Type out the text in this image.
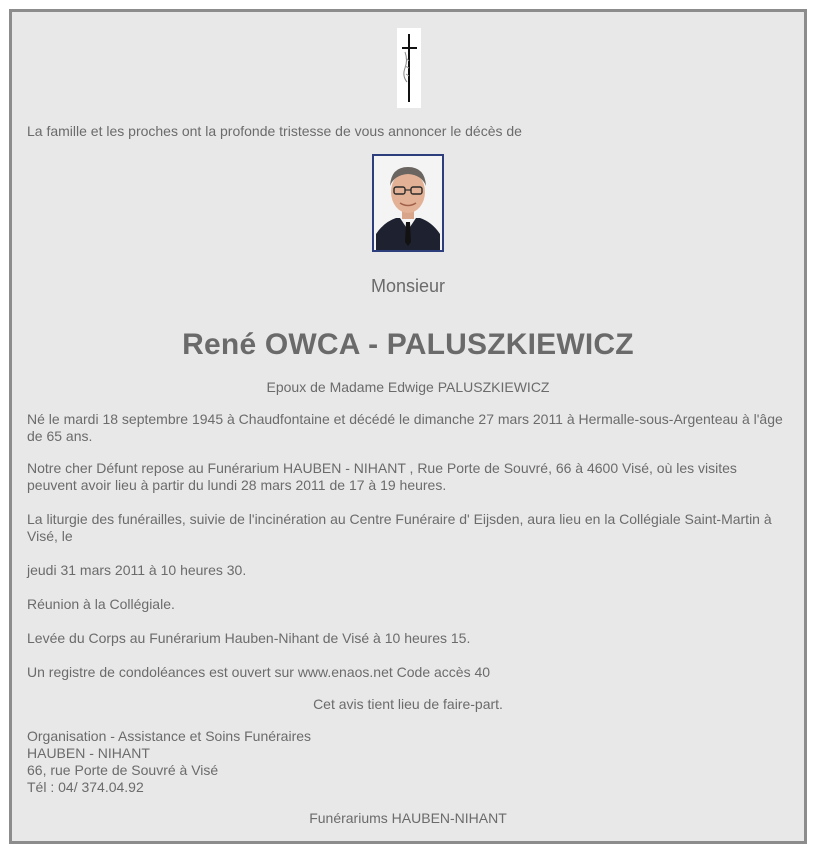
La famille et les proches ont la profonde tristesse de vous annoncer le décès de
Monsieur
René OWCA - PALUSZKIEWICZ
Epoux de Madame Edwige PALUSZKIEWICZ
Né le mardi 18 septembre 1945 à Chaudfontaine et décédé le dimanche 27 mars 2011 à Hermalle-sous-Argenteau à l'âge de 65 ans.
Notre cher Défunt repose au Funérarium HAUBEN - NIHANT , Rue Porte de Souvré, 66 à 4600 Visé, où les visites peuvent avoir lieu à partir du lundi 28 mars 2011 de 17 à 19 heures.
La liturgie des funérailles, suivie de l'incinération au Centre Funéraire d' Eijsden, aura lieu en la Collégiale Saint-Martin à Visé, le
jeudi 31 mars 2011 à 10 heures 30.
Réunion à la Collégiale.
Levée du Corps au Funérarium Hauben-Nihant de Visé à 10 heures 15.
Un registre de condoléances est ouvert sur www.enaos.net Code accès 40
Cet avis tient lieu de faire-part.
Organisation - Assistance et Soins Funéraires
HAUBEN - NIHANT
66, rue Porte de Souvré à Visé
Tél : 04/ 374.04.92
Funérariums HAUBEN-NIHANT
